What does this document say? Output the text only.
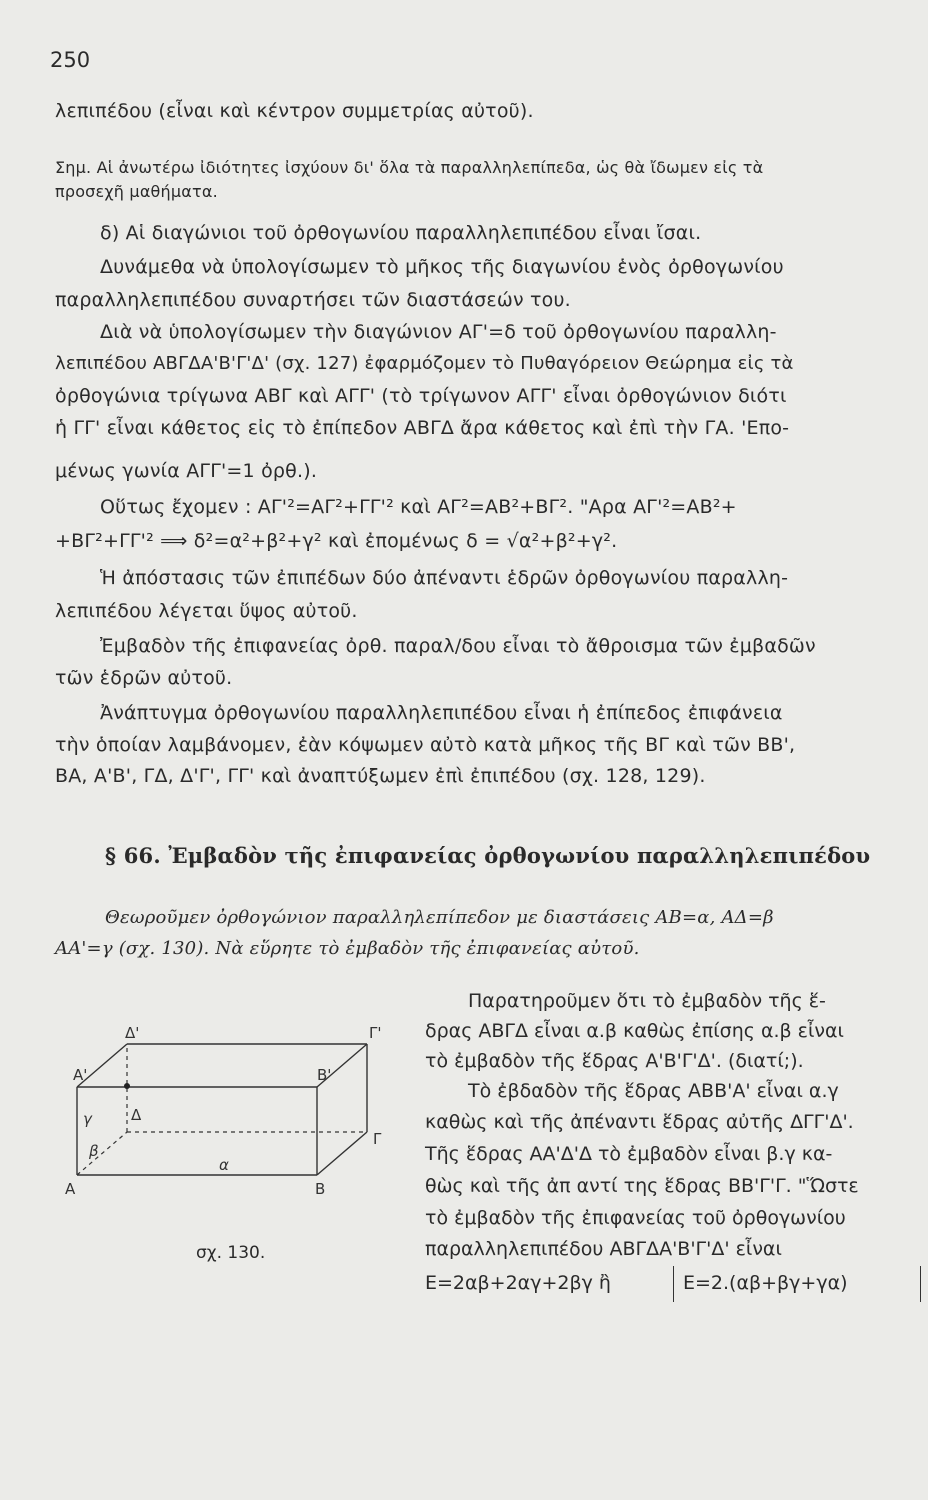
250
λεπιπέδου (εἶναι καὶ κέντρον συμμετρίας αὐτοῦ).
Σημ. Αἱ ἀνωτέρω ἰδιότητες ἰσχύουν δι' ὅλα τὰ παραλληλεπίπεδα, ὡς θὰ ἴδωμεν εἰς τὰ
προσεχῆ μαθήματα.
δ) Αἱ διαγώνιοι τοῦ ὀρθογωνίου παραλληλεπιπέδου εἶναι ἴσαι.
Δυνάμεθα νὰ ὑπολογίσωμεν τὸ μῆκος τῆς διαγωνίου ἑνὸς ὀρθογωνίου
παραλληλεπιπέδου συναρτήσει τῶν διαστάσεών του.
Διὰ νὰ ὑπολογίσωμεν τὴν διαγώνιον ΑΓ'=δ τοῦ ὀρθογωνίου παραλλη-
λεπιπέδου ΑΒΓΔΑ'Β'Γ'Δ' (σχ. 127) ἐφαρμόζομεν τὸ Πυθαγόρειον Θεώρημα εἰς τὰ
ὀρθογώνια τρίγωνα ΑΒΓ καὶ ΑΓΓ' (τὸ τρίγωνον ΑΓΓ' εἶναι ὀρθογώνιον διότι
ἡ ΓΓ' εἶναι κάθετος εἰς τὸ ἐπίπεδον ΑΒΓΔ ἄρα κάθετος καὶ ἐπὶ τὴν ΓΑ. 'Επο-
μένως γωνία ΑΓΓ'=1 ὀρθ.).
Οὕτως ἔχομεν : ΑΓ'²=ΑΓ²+ΓΓ'² καὶ ΑΓ²=ΑΒ²+ΒΓ². "Αρα ΑΓ'²=ΑΒ²+
+ΒΓ²+ΓΓ'² ⟹ δ²=α²+β²+γ² καὶ ἐπομένως δ = √α²+β²+γ².
Ἡ ἀπόστασις τῶν ἐπιπέδων δύο ἀπέναντι ἑδρῶν ὀρθογωνίου παραλλη-
λεπιπέδου λέγεται ὕψος αὐτοῦ.
Ἐμβαδὸν τῆς ἐπιφανείας ὀρθ. παραλ/δου εἶναι τὸ ἄθροισμα τῶν ἐμβαδῶν
τῶν ἑδρῶν αὐτοῦ.
Ἀνάπτυγμα ὀρθογωνίου παραλληλεπιπέδου εἶναι ἡ ἐπίπεδος ἐπιφάνεια
τὴν ὁποίαν λαμβάνομεν, ἐὰν κόψωμεν αὐτὸ κατὰ μῆκος τῆς ΒΓ καὶ τῶν ΒΒ',
ΒΑ, Α'Β', ΓΔ, Δ'Γ', ΓΓ' καὶ ἀναπτύξωμεν ἐπὶ ἐπιπέδου (σχ. 128, 129).
§ 66. Ἐμβαδὸν τῆς ἐπιφανείας ὀρθογωνίου παραλληλεπιπέδου
Θεωροῦμεν ὀρθογώνιον παραλληλεπίπεδον με διαστάσεις ΑΒ=α, ΑΔ=β
ΑΑ'=γ (σχ. 130). Νὰ εὕρητε τὸ ἐμβαδὸν τῆς ἐπιφανείας αὐτοῦ.
Παρατηροῦμεν ὅτι τὸ ἐμβαδὸν τῆς ἕ-
δρας ΑΒΓΔ εἶναι α.β καθὼς ἐπίσης α.β εἶναι
τὸ ἐμβαδὸν τῆς ἕδρας Α'Β'Γ'Δ'. (διατί;).
Τὸ ἐβδαδὸν τῆς ἕδρας ΑΒΒ'Α' εἶναι α.γ
καθὼς καὶ τῆς ἀπέναντι ἕδρας αὐτῆς ΔΓΓ'Δ'.
Τῆς ἕδρας ΑΑ'Δ'Δ τὸ ἐμβαδὸν εἶναι β.γ κα-
θὼς καὶ τῆς ἀπ αντί της ἕδρας ΒΒ'Γ'Γ. "Ὥστε
τὸ ἐμβαδὸν τῆς ἐπιφανείας τοῦ ὀρθογωνίου
παραλληλεπιπέδου ΑΒΓΔΑ'Β'Γ'Δ' εἶναι
Ε=2αβ+2αγ+2βγ ἢ	Ε=2.(αβ+βγ+γα)
Α	Β
Γ
Δ
Α'	Β'
Γ'
Δ'
α
β
γ
σχ. 130.
